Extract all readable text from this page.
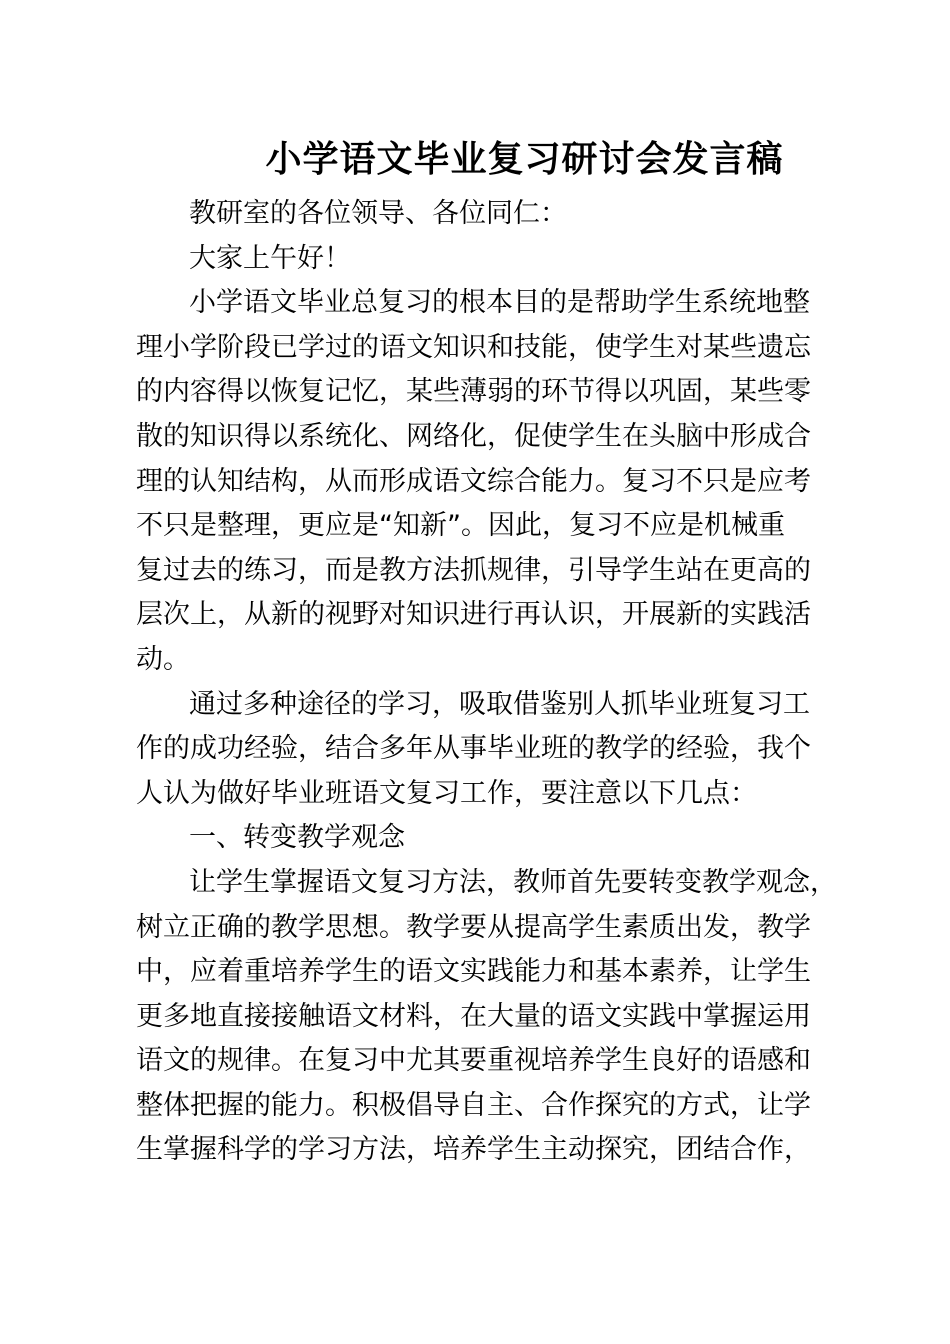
小学语文毕业复习研讨会发言稿
教研室的各位领导、各位同仁：
大家上午好！
小学语文毕业总复习的根本目的是帮助学生系统地整
理小学阶段已学过的语文知识和技能，使学生对某些遗忘
的内容得以恢复记忆，某些薄弱的环节得以巩固，某些零
散的知识得以系统化、网络化，促使学生在头脑中形成合
理的认知结构，从而形成语文综合能力。复习不只是应考
不只是整理，更应是“知新”。因此，复习不应是机械重
复过去的练习，而是教方法抓规律，引导学生站在更高的
层次上，从新的视野对知识进行再认识，开展新的实践活
动。
通过多种途径的学习，吸取借鉴别人抓毕业班复习工
作的成功经验，结合多年从事毕业班的教学的经验，我个
人认为做好毕业班语文复习工作，要注意以下几点：
一、转变教学观念
让学生掌握语文复习方法，教师首先要转变教学观念，
树立正确的教学思想。教学要从提高学生素质出发，教学
中，应着重培养学生的语文实践能力和基本素养，让学生
更多地直接接触语文材料，在大量的语文实践中掌握运用
语文的规律。在复习中尤其要重视培养学生良好的语感和
整体把握的能力。积极倡导自主、合作探究的方式，让学
生掌握科学的学习方法，培养学生主动探究，团结合作，
